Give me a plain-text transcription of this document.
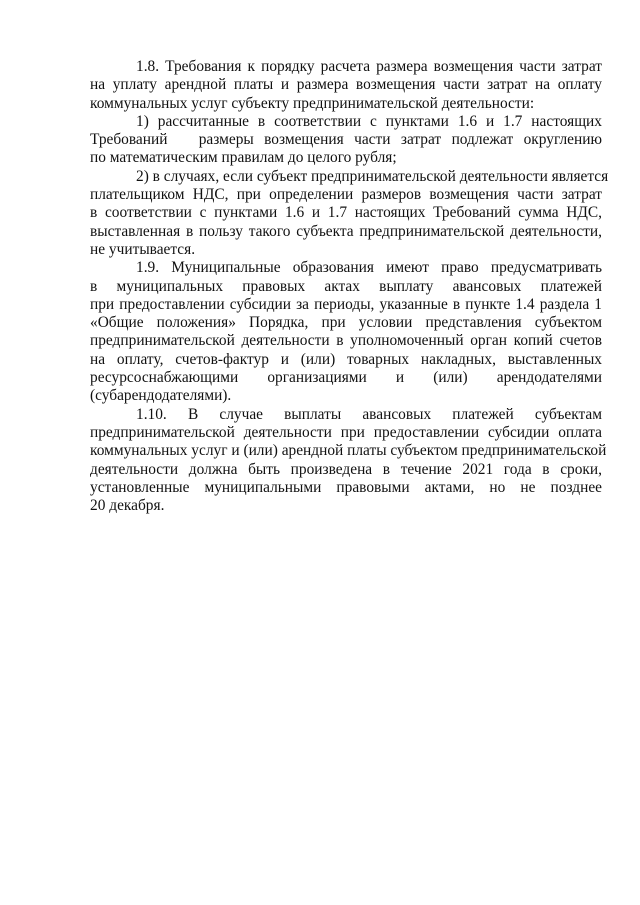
1.8. Требования к порядку расчета размера возмещения части затрат
на уплату арендной платы и размера возмещения части затрат на оплату
коммунальных услуг субъекту предпринимательской деятельности:
1) рассчитанные в соответствии с пунктами 1.6 и 1.7 настоящих
Требований   размеры возмещения части затрат подлежат округлению
по математическим правилам до целого рубля;
2) в случаях, если субъект предпринимательской деятельности является
плательщиком НДС, при определении размеров возмещения части затрат
в соответствии с пунктами 1.6 и 1.7 настоящих Требований сумма НДС,
выставленная в пользу такого субъекта предпринимательской деятельности,
не учитывается.
1.9. Муниципальные образования имеют право предусматривать
в муниципальных правовых актах выплату авансовых платежей
при предоставлении субсидии за периоды, указанные в пункте 1.4 раздела 1
«Общие положения» Порядка, при условии представления субъектом
предпринимательской деятельности в уполномоченный орган копий счетов
на оплату, счетов-фактур и (или) товарных накладных, выставленных
ресурсоснабжающими организациями и (или) арендодателями
(субарендодателями).
1.10. В случае выплаты авансовых платежей субъектам
предпринимательской деятельности при предоставлении субсидии оплата
коммунальных услуг и (или) арендной платы субъектом предпринимательской
деятельности должна быть произведена в течение 2021 года в сроки,
установленные муниципальными правовыми актами, но не позднее
20 декабря.
